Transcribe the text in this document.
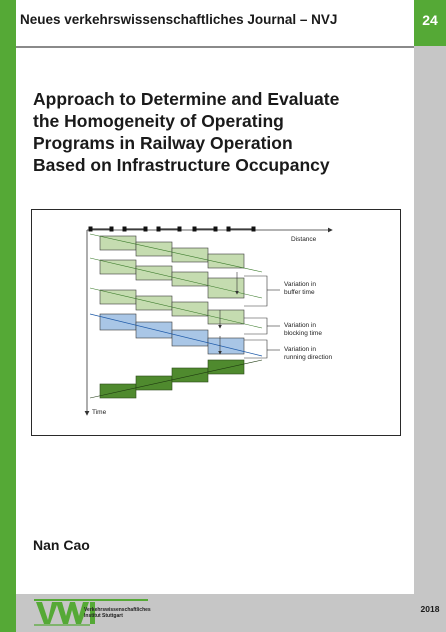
Neues verkehrswissenschaftliches Journal – NVJ	24
Approach to Determine and Evaluate
the Homogeneity of Operating
Programs in Railway Operation
Based on Infrastructure Occupancy
Distance
Time
Variation in
buffer time
Variation in
blocking time
Variation in
running direction
Nan Cao
Verkehrswissenschaftliches
Institut Stuttgart
2018
